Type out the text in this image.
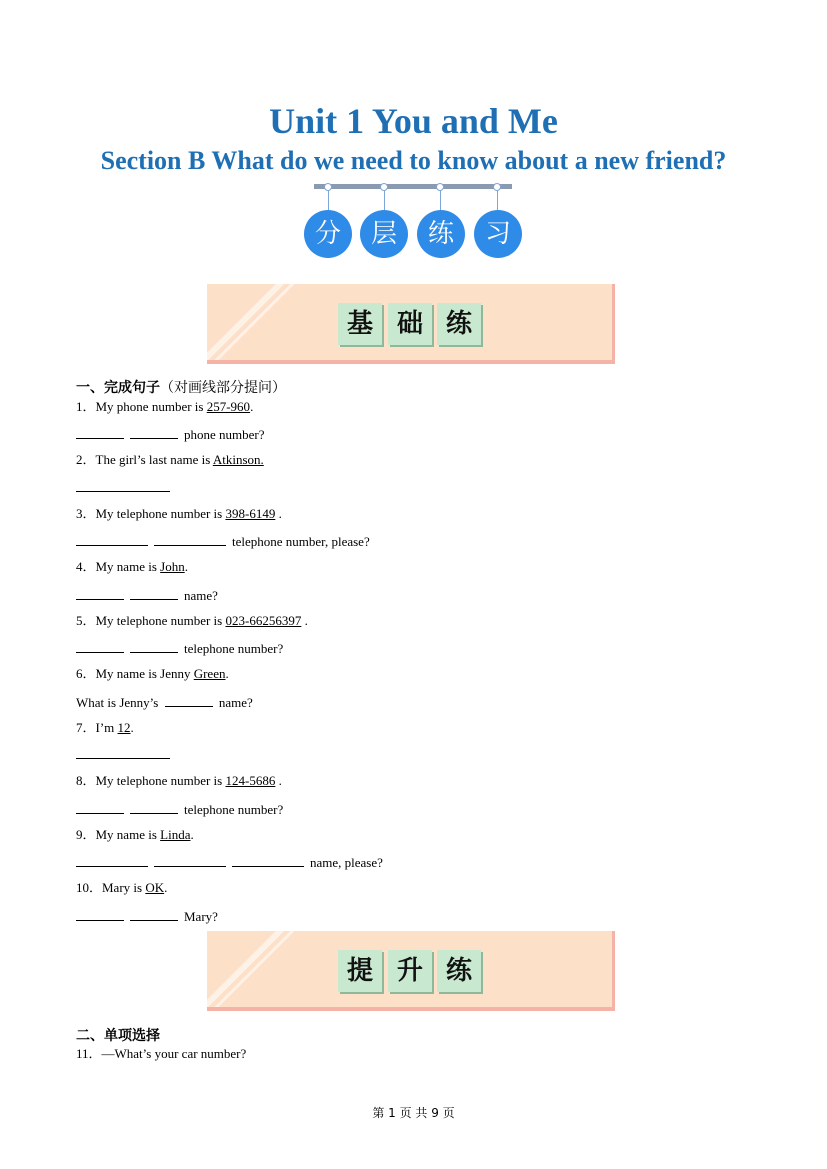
Unit 1 You and Me
Section B What do we need to know about a new friend?
分	层	练	习
基 础 练
一、完成句子（对画线部分提问）
1．My phone number is 257-960.
phone number?
2．The girl’s last name is Atkinson.
3．My telephone number is 398-6149 .
telephone number, please?
4．My name is John.
name?
5．My telephone number is 023-66256397 .
telephone number?
6．My name is Jenny Green.
What is Jenny’s	name?
7．I’m 12.
8．My telephone number is 124-5686 .
telephone number?
9．My name is Linda.
name, please?
10．Mary is OK.
Mary?
提 升 练
二、单项选择
11．—What’s your car number?
第 1 页 共 9 页
